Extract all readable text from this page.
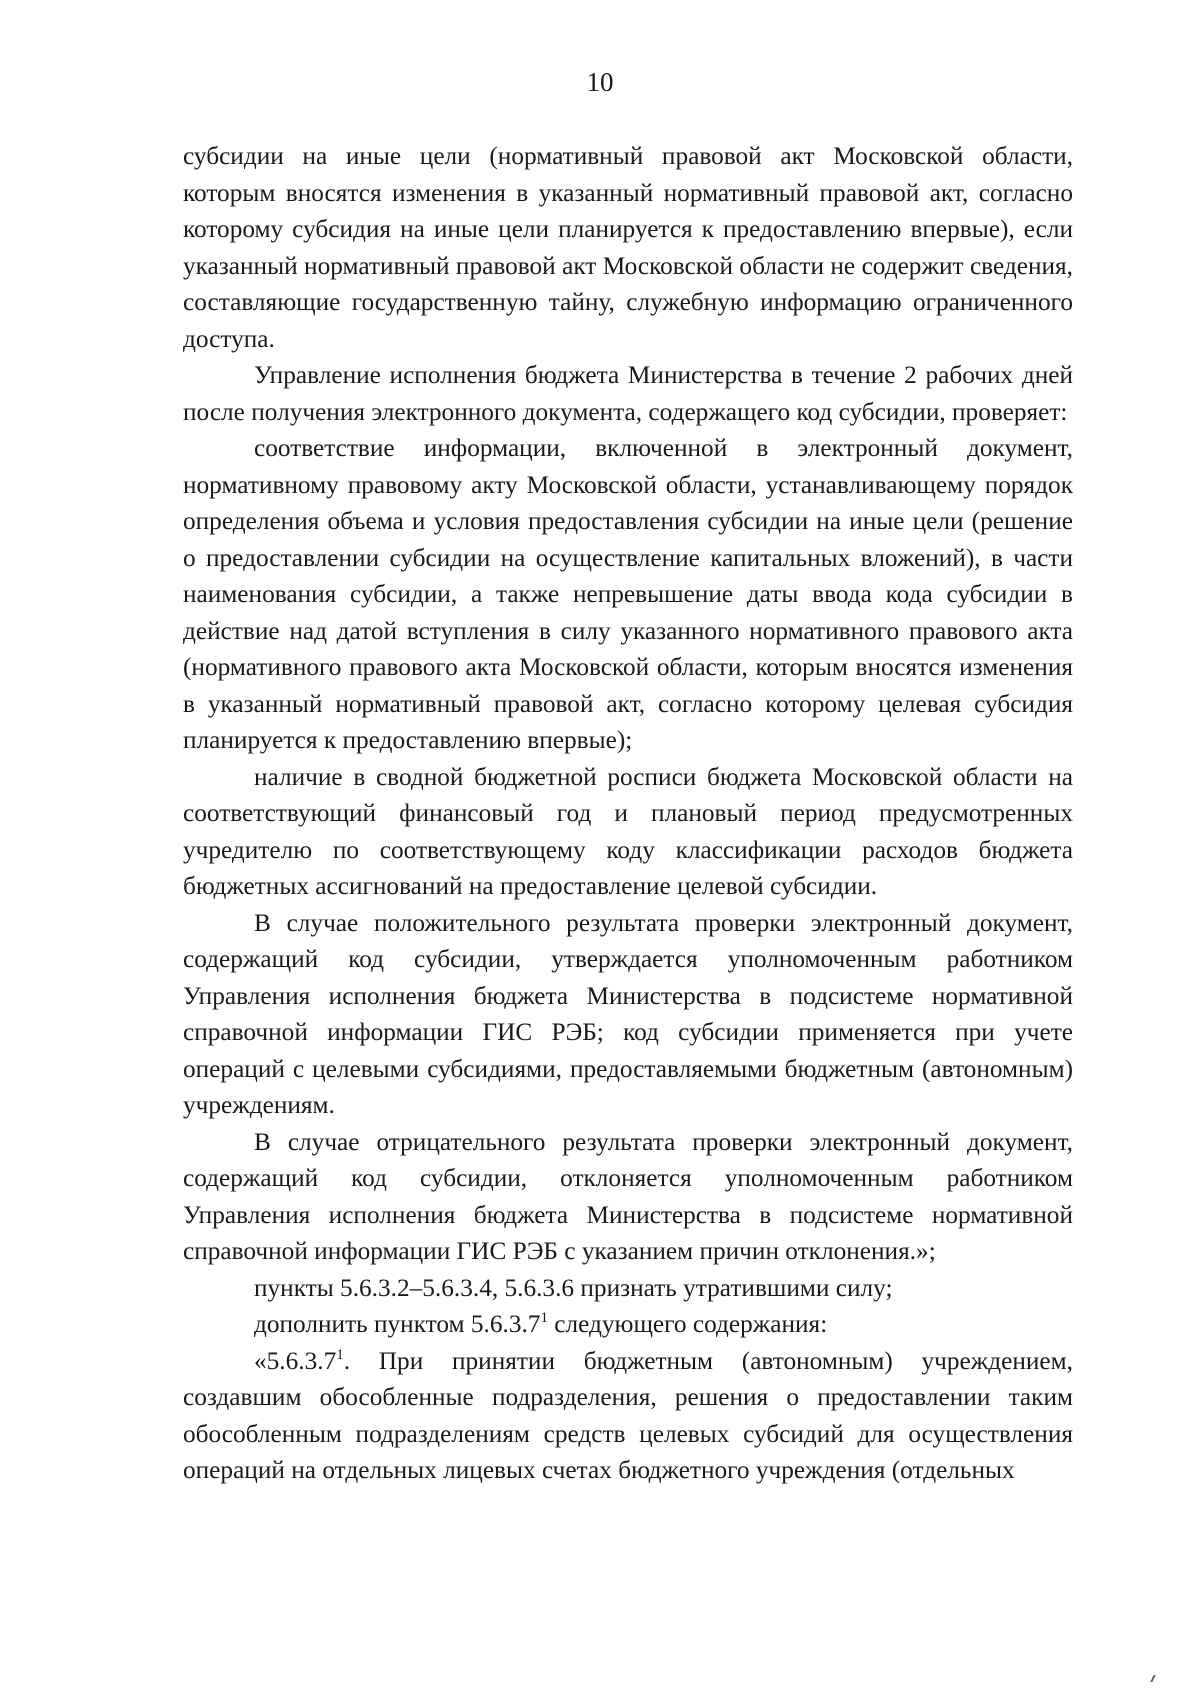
10

субсидии на иные цели (нормативный правовой акт Московской области, которым вносятся изменения в указанный нормативный правовой акт, согласно которому субсидия на иные цели планируется к предоставлению впервые), если указанный нормативный правовой акт Московской области не содержит сведения, составляющие государственную тайну, служебную информацию ограниченного доступа.

Управление исполнения бюджета Министерства в течение 2 рабочих дней после получения электронного документа, содержащего код субсидии, проверяет:

соответствие информации, включенной в электронный документ, нормативному правовому акту Московской области, устанавливающему порядок определения объема и условия предоставления субсидии на иные цели (решение о предоставлении субсидии на осуществление капитальных вложений), в части наименования субсидии, а также непревышение даты ввода кода субсидии в действие над датой вступления в силу указанного нормативного правового акта (нормативного правового акта Московской области, которым вносятся изменения в указанный нормативный правовой акт, согласно которому целевая субсидия планируется к предоставлению впервые);

наличие в сводной бюджетной росписи бюджета Московской области на соответствующий финансовый год и плановый период предусмотренных учредителю по соответствующему коду классификации расходов бюджета бюджетных ассигнований на предоставление целевой субсидии.

В случае положительного результата проверки электронный документ, содержащий код субсидии, утверждается уполномоченным работником Управления исполнения бюджета Министерства в подсистеме нормативной справочной информации ГИС РЭБ; код субсидии применяется при учете операций с целевыми субсидиями, предоставляемыми бюджетным (автономным) учреждениям.

В случае отрицательного результата проверки электронный документ, содержащий код субсидии, отклоняется уполномоченным работником Управления исполнения бюджета Министерства в подсистеме нормативной справочной информации ГИС РЭБ с указанием причин отклонения.»;

пункты 5.6.3.2–5.6.3.4, 5.6.3.6 признать утратившими силу;

дополнить пунктом 5.6.3.7$^1$ следующего содержания:

«5.6.3.7$^1$. При принятии бюджетным (автономным) учреждением, создавшим обособленные подразделения, решения о предоставлении таким обособленным подразделениям средств целевых субсидий для осуществления операций на отдельных лицевых счетах бюджетного учреждения (отдельных
